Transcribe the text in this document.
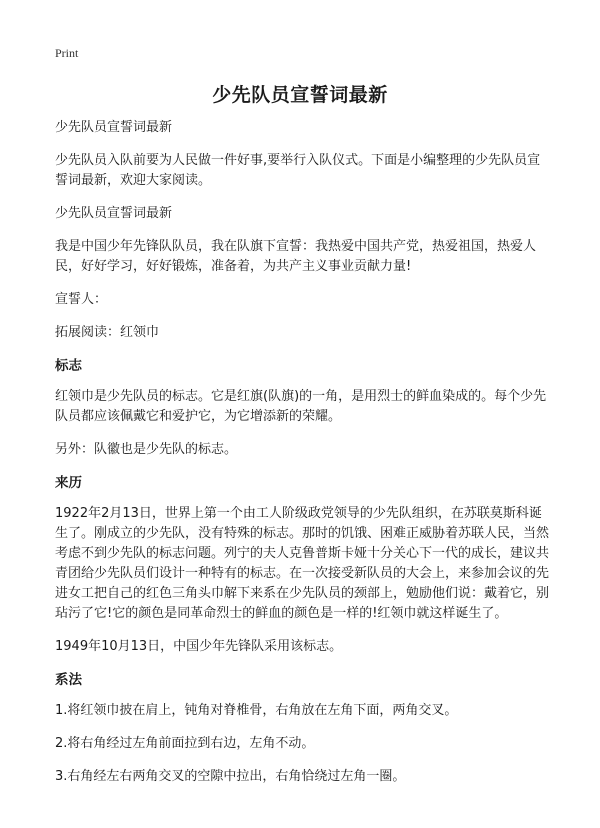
Print
少先队员宣誓词最新

少先队员宣誓词最新

少先队员入队前要为人民做一件好事,要举行入队仪式。下面是小编整理的少先队员宣誓词最新，欢迎大家阅读。

少先队员宣誓词最新

我是中国少年先锋队队员，我在队旗下宣誓：我热爱中国共产党，热爱祖国，热爱人民，好好学习，好好锻炼，准备着，为共产主义事业贡献力量!

宣誓人：

拓展阅读：红领巾

标志

红领巾是少先队员的标志。它是红旗(队旗)的一角，是用烈士的鲜血染成的。每个少先队员都应该佩戴它和爱护它，为它增添新的荣耀。

另外：队徽也是少先队的标志。

来历

1922年2月13日，世界上第一个由工人阶级政党领导的少先队组织，在苏联莫斯科诞生了。刚成立的少先队，没有特殊的标志。那时的饥饿、困难正威胁着苏联人民，当然考虑不到少先队的标志问题。列宁的夫人克鲁普斯卡娅十分关心下一代的成长，建议共青团给少先队员们设计一种特有的标志。在一次接受新队员的大会上，来参加会议的先进女工把自己的红色三角头巾解下来系在少先队员的颈部上，勉励他们说：戴着它，别玷污了它!它的颜色是同革命烈士的鲜血的颜色是一样的!红领巾就这样诞生了。

1949年10月13日，中国少年先锋队采用该标志。

系法

1.将红领巾披在肩上，钝角对脊椎骨，右角放在左角下面，两角交叉。

2.将右角经过左角前面拉到右边，左角不动。

3.右角经左右两角交叉的空隙中拉出，右角恰绕过左角一圈。
